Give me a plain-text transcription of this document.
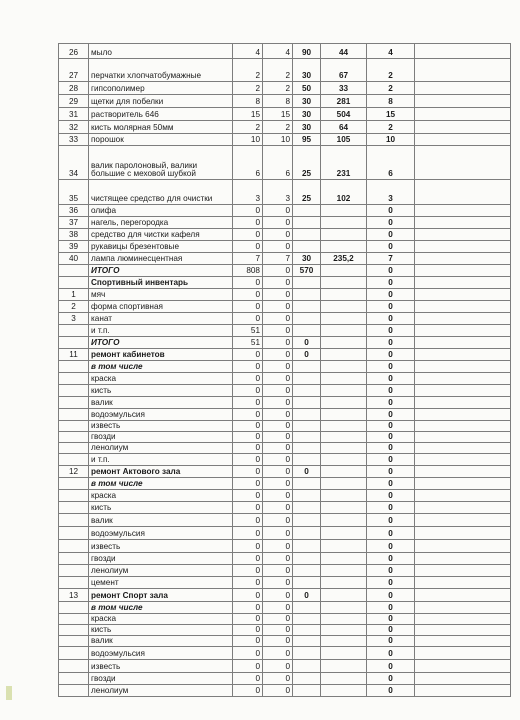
26	мыло	4	4	90	44	4	
27	перчатки хлопчатобумажные	2	2	30	67	2	
28	гипсополимер	2	2	50	33	2	
29	щетки для побелки	8	8	30	281	8	
31	растворитель 646	15	15	30	504	15	
32	кисть молярная 50мм	2	2	30	64	2	
33	порошок	10	10	95	105	10	
34	валик паролоновый, валики большие с меховой шубкой	6	6	25	231	6	
35	чистящее средство для очистки	3	3	25	102	3	
36	олифа	0	0			0	
37	нагель, перегородка	0	0			0	
38	средство для чистки кафеля	0	0			0	
39	рукавицы брезентовые	0	0			0	
40	лампа люминесцентная	7	7	30	235,2	7	
	ИТОГО	808	0	570		0	
	Спортивный инвентарь	0	0			0	
1	мяч	0	0			0	
2	форма спортивная	0	0			0	
3	канат	0	0			0	
	и т.п.	51	0			0	
	ИТОГО	51	0	0		0	
11	ремонт кабинетов	0	0	0		0	
	в том числе	0	0			0	
	краска	0	0			0	
	кисть	0	0			0	
	валик	0	0			0	
	водоэмульсия	0	0			0	
	известь	0	0			0	
	гвозди	0	0			0	
	ленолиум	0	0			0	
	и т.п.	0	0			0	
12	ремонт Актового зала	0	0	0		0	
	в том числе	0	0			0	
	краска	0	0			0	
	кисть	0	0			0	
	валик	0	0			0	
	водоэмульсия	0	0			0	
	известь	0	0			0	
	гвозди	0	0			0	
	ленолиум	0	0			0	
	цемент	0	0			0	
13	ремонт Спорт зала	0	0	0		0	
	в том числе	0	0			0	
	краска	0	0			0	
	кисть	0	0			0	
	валик	0	0			0	
	водоэмульсия	0	0			0	
	известь	0	0			0	
	гвозди	0	0			0	
	ленолиум	0	0			0	
